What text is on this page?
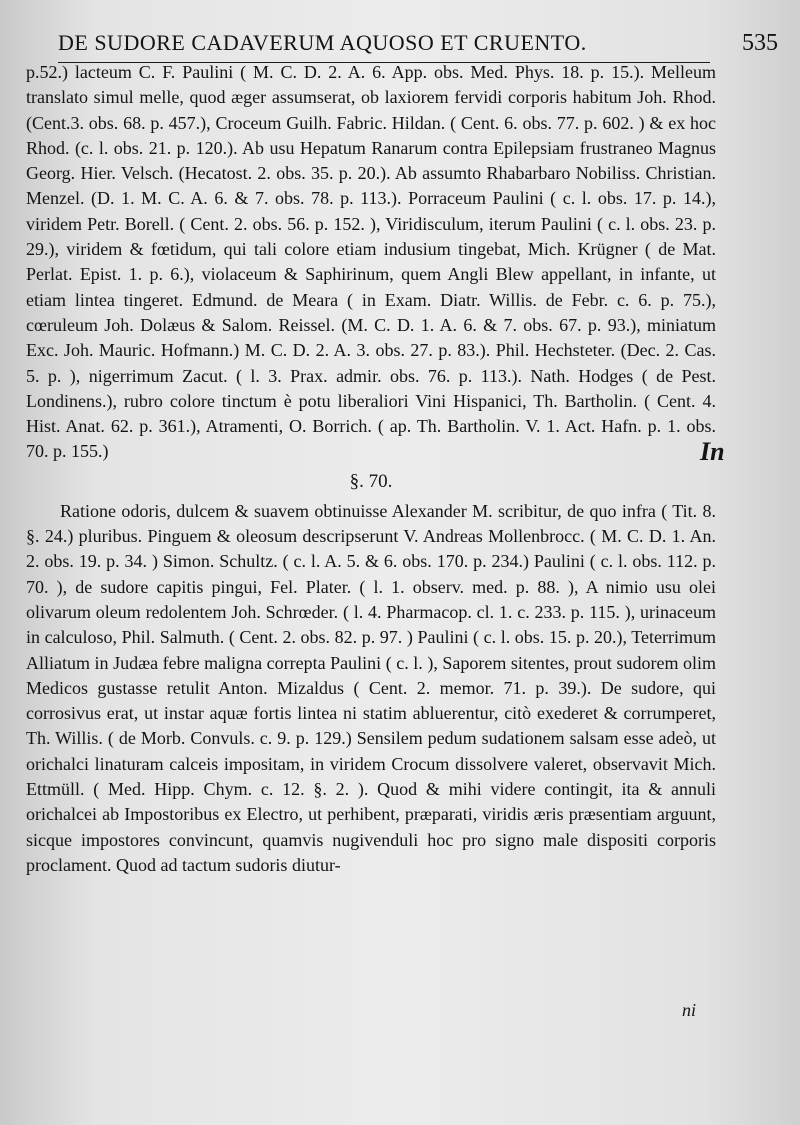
DE SUDORE CADAVERUM AQUOSO ET CRUENTO.	535

p.52.) lacteum C. F. Paulini ( M. C. D. 2. A. 6. App. obs. Med. Phys. 18. p. 15.). Melleum translato simul melle, quod æger assumserat, ob laxiorem fervidi corporis habitum Joh. Rhod. (Cent.3. obs. 68. p. 457.), Croceum Guilh. Fabric. Hildan. ( Cent. 6. obs. 77. p. 602. ) & ex hoc Rhod. (c. l. obs. 21. p. 120.). Ab usu Hepatum Ranarum contra Epilepsiam frustraneo Magnus Georg. Hier. Velsch. (Hecatost. 2. obs. 35. p. 20.). Ab assumto Rhabarbaro Nobiliss. Christian. Menzel. (D. 1. M. C. A. 6. & 7. obs. 78. p. 113.). Porraceum Paulini ( c. l. obs. 17. p. 14.), viridem Petr. Borell. ( Cent. 2. obs. 56. p. 152. ), Viridisculum, iterum Paulini ( c. l. obs. 23. p. 29.), viridem & fœtidum, qui tali colore etiam indusium tingebat, Mich. Krügner ( de Mat. Perlat. Epist. 1. p. 6.), violaceum & Saphirinum, quem Angli Blew appellant, in infante, ut etiam lintea tingeret. Edmund. de Meara ( in Exam. Diatr. Willis. de Febr. c. 6. p. 75.), cœruleum Joh. Dolæus & Salom. Reissel. (M. C. D. 1. A. 6. & 7. obs. 67. p. 93.), miniatum Exc. Joh. Mauric. Hofmann.) M. C. D. 2. A. 3. obs. 27. p. 83.). Phil. Hechsteter. (Dec. 2. Cas. 5. p. ), nigerrimum Zacut. ( l. 3. Prax. admir. obs. 76. p. 113.). Nath. Hodges ( de Pest. Londinens.), rubro colore tinctum è potu liberaliori Vini Hispanici, Th. Bartholin. ( Cent. 4. Hist. Anat. 62. p. 361.), Atramenti, O. Borrich. ( ap. Th. Bartholin. V. 1. Act. Hafn. p. 1. obs. 70. p. 155.)

§. 70.

Ratione odoris, dulcem & suavem obtinuisse Alexander M. scribitur, de quo infra ( Tit. 8. §. 24.) pluribus. Pinguem & oleosum descripserunt V. Andreas Mollenbrocc. ( M. C. D. 1. An. 2. obs. 19. p. 34. ) Simon. Schultz. ( c. l. A. 5. & 6. obs. 170. p. 234.) Paulini ( c. l. obs. 112. p. 70. ), de sudore capitis pingui, Fel. Plater. ( l. 1. observ. med. p. 88. ), A nimio usu olei olivarum oleum redolentem Joh. Schrœder. ( l. 4. Pharmacop. cl. 1. c. 233. p. 115. ), urinaceum in calculoso, Phil. Salmuth. ( Cent. 2. obs. 82. p. 97. ) Paulini ( c. l. obs. 15. p. 20.), Teterrimum Alliatum in Judæa febre maligna correpta Paulini ( c. l. ), Saporem sitentes, prout sudorem olim Medicos gustasse retulit Anton. Mizaldus ( Cent. 2. memor. 71. p. 39.). De sudore, qui corrosivus erat, ut instar aquæ fortis lintea ni statim abluerentur, citò exederet & corrumperet, Th. Willis. ( de Morb. Convuls. c. 9. p. 129.) Sensilem pedum sudationem salsam esse adeò, ut orichalci linaturam calceis impositam, in viridem Crocum dissolvere valeret, observavit Mich. Ettmüll. ( Med. Hipp. Chym. c. 12. §. 2. ). Quod & mihi videre contingit, ita & annuli orichalcei ab Impostoribus ex Electro, ut perhibent, præparati, viridis æris præsentiam arguunt, sicque impostores convincunt, quamvis nugivenduli hoc pro signo male dispositi corporis proclament. Quod ad tactum sudoris diutur-

In
ni
